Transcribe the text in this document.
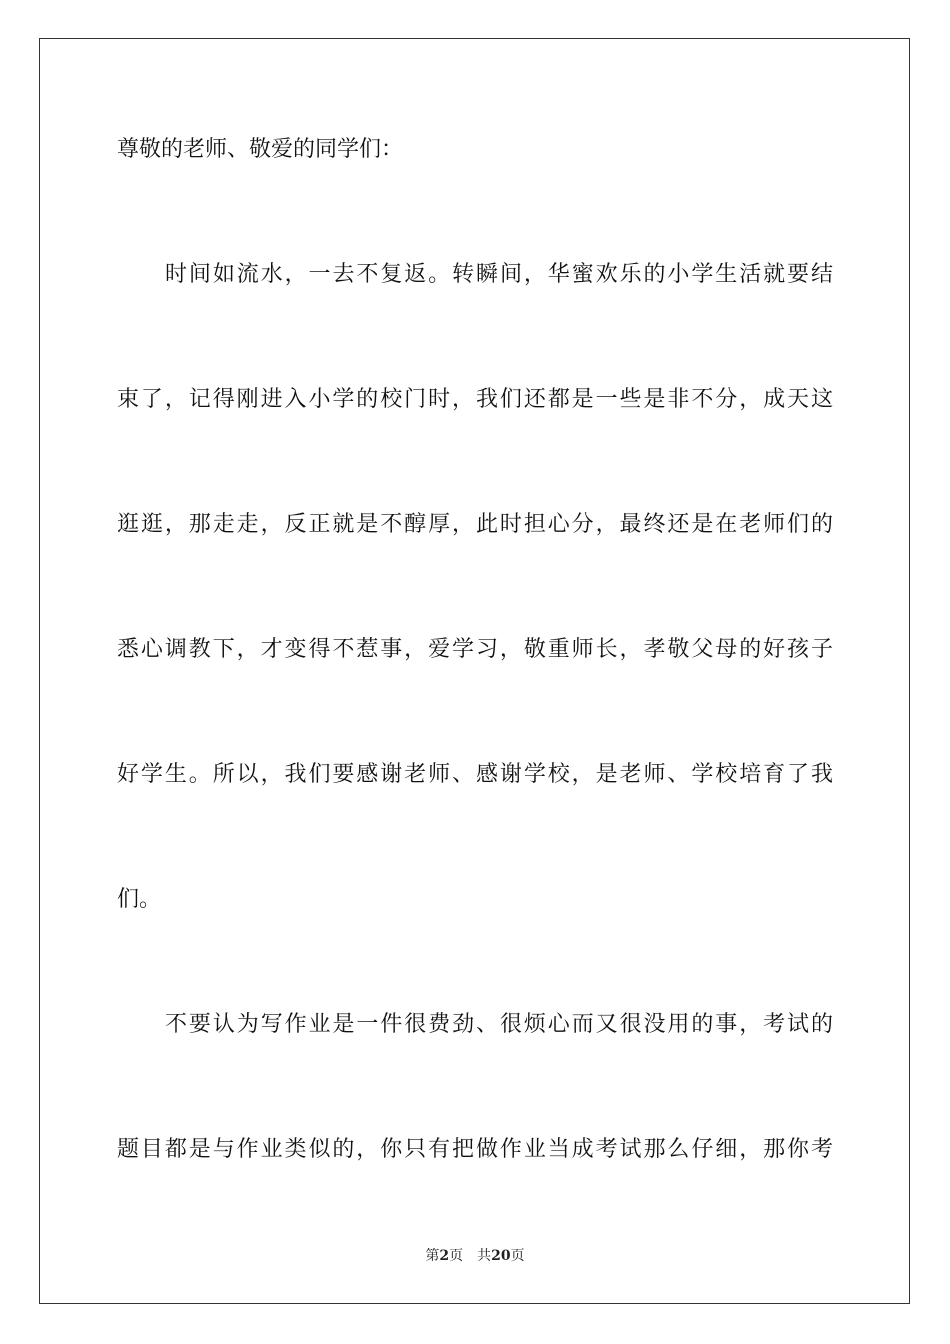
尊敬的老师、敬爱的同学们：
时间如流水，一去不复返。转瞬间，华蜜欢乐的小学生活就要结
束了，记得刚进入小学的校门时，我们还都是一些是非不分，成天这
逛逛，那走走，反正就是不醇厚，此时担心分，最终还是在老师们的
悉心调教下，才变得不惹事，爱学习，敬重师长，孝敬父母的好孩子
好学生。所以，我们要感谢老师、感谢学校，是老师、学校培育了我
们。
不要认为写作业是一件很费劲、很烦心而又很没用的事，考试的
题目都是与作业类似的，你只有把做作业当成考试那么仔细，那你考
第2页 共20页
